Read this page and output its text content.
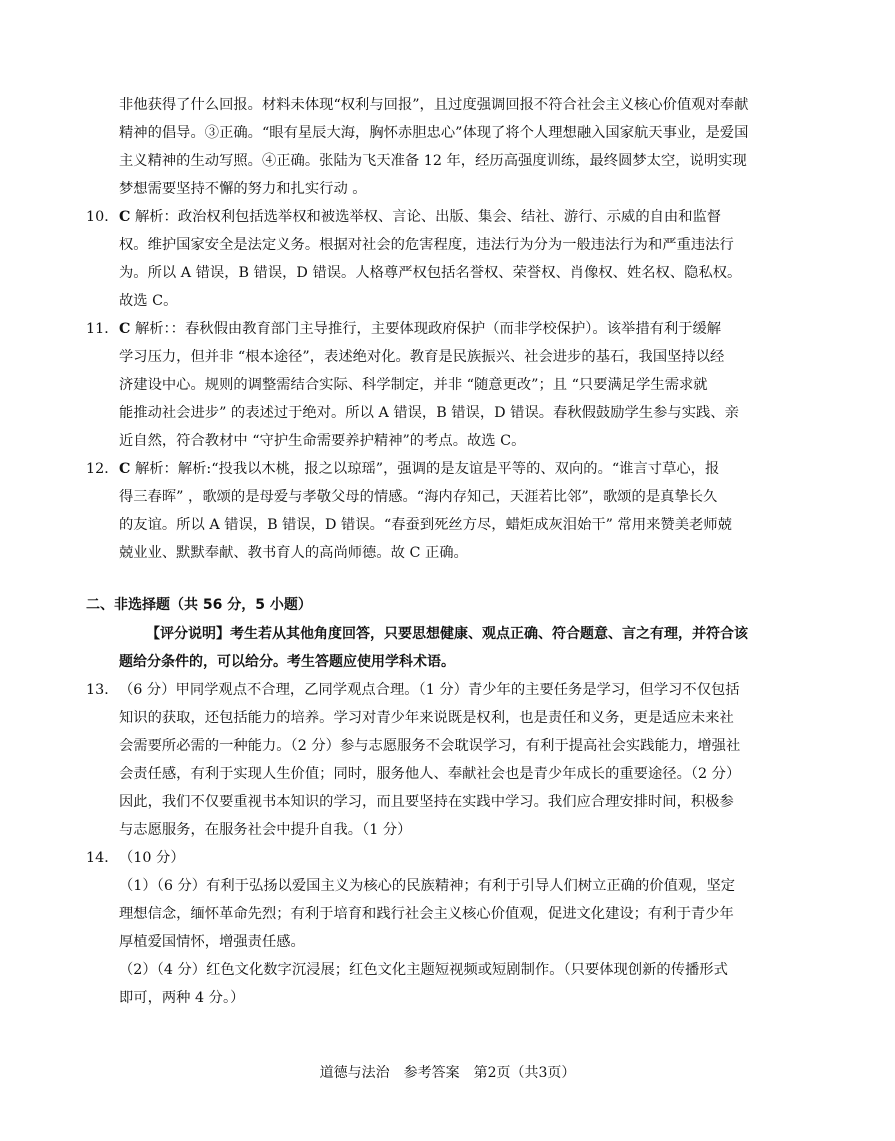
非他获得了什么回报。材料未体现“权利与回报”，且过度强调回报不符合社会主义核心价值观对奉献
精神的倡导。③正确。“眼有星辰大海，胸怀赤胆忠心”体现了将个人理想融入国家航天事业，是爱国
主义精神的生动写照。④正确。张陆为飞天准备 12 年，经历高强度训练，最终圆梦太空，说明实现
梦想需要坚持不懈的努力和扎实行动 。
10． C 解析：政治权利包括选举权和被选举权、言论、出版、集会、结社、游行、示威的自由和监督
权。维护国家安全是法定义务。根据对社会的危害程度，违法行为分为一般违法行为和严重违法行
为。所以 A 错误，B 错误，D 错误。人格尊严权包括名誉权、荣誉权、肖像权、姓名权、隐私权。
故选 C。
11． C 解析：：春秋假由教育部门主导推行，主要体现政府保护（而非学校保护）。该举措有利于缓解
学习压力，但并非 “根本途径”，表述绝对化。教育是民族振兴、社会进步的基石，我国坚持以经
济建设中心。规则的调整需结合实际、科学制定，并非 “随意更改”；且 “只要满足学生需求就
能推动社会进步” 的表述过于绝对。所以 A 错误，B 错误，D 错误。春秋假鼓励学生参与实践、亲
近自然，符合教材中 “守护生命需要养护精神”的考点。故选 C。
12． C 解析：解析:“投我以木桃，报之以琼瑶”，强调的是友谊是平等的、双向的。“谁言寸草心，报
得三春晖” ，歌颂的是母爱与孝敬父母的情感。“海内存知己，天涯若比邻”，歌颂的是真挚长久
的友谊。所以 A 错误，B 错误，D 错误。“春蚕到死丝方尽，蜡炬成灰泪始干” 常用来赞美老师兢
兢业业、默默奉献、教书育人的高尚师德。故 C 正确。
二、非选择题（共 56 分，5 小题）
【评分说明】考生若从其他角度回答，只要思想健康、观点正确、符合题意、言之有理，并符合该
题给分条件的，可以给分。考生答题应使用学科术语。
13． （6 分）甲同学观点不合理，乙同学观点合理。（1 分）青少年的主要任务是学习，但学习不仅包括
知识的获取，还包括能力的培养。学习对青少年来说既是权利，也是责任和义务，更是适应未来社
会需要所必需的一种能力。（2 分）参与志愿服务不会耽误学习，有利于提高社会实践能力，增强社
会责任感，有利于实现人生价值；同时，服务他人、奉献社会也是青少年成长的重要途径。（2 分）
因此，我们不仅要重视书本知识的学习，而且要坚持在实践中学习。我们应合理安排时间，积极参
与志愿服务，在服务社会中提升自我。（1 分）
14． （10 分）
（1）（6 分）有利于弘扬以爱国主义为核心的民族精神；有利于引导人们树立正确的价值观，坚定
理想信念，缅怀革命先烈；有利于培育和践行社会主义核心价值观，促进文化建设；有利于青少年
厚植爱国情怀，增强责任感。
（2）（4 分）红色文化数字沉浸展；红色文化主题短视频或短剧制作。（只要体现创新的传播形式
即可，两种 4 分。）
道德与法治　参考答案　第2页（共3页）
